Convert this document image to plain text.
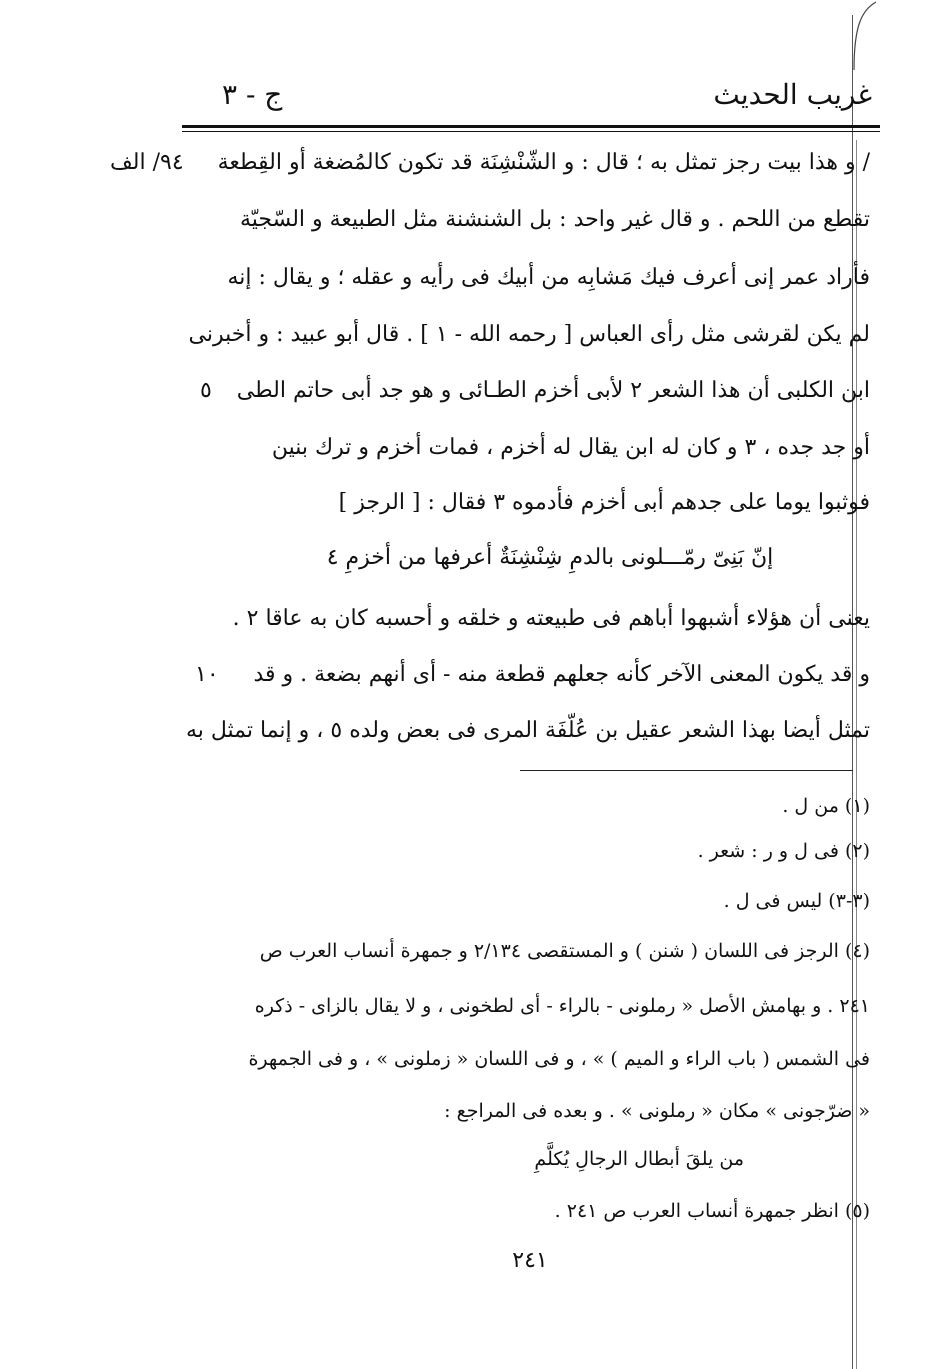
غريب الحديث
ج - ٣
٩٤/ الف / و هذا بيت رجز تمثل به ؛ قال : و الشّنْشِنَة قد تكون كالمُضغة أو القِطعة
تقطع من اللحم . و قال غير واحد : بل الشنشنة مثل الطبيعة و السّجيّة
فأراد عمر إنى أعرف فيك مَشابِه من أبيك فى رأيه و عقله ؛ و يقال : إنه
لم يكن لقرشى مثل رأى العباس [ رحمه الله - ١ ] . قال أبو عبيد : و أخبرنى
ابن الكلبى أن هذا الشعر ٢ لأبى أخزم الطـائى و هو جد أبى حاتم الطى
٥
أو جد جده ، ٣ و كان له ابن يقال له أخزم ، فمات أخزم و ترك بنين
فوثبوا يوما على جدهم أبى أخزم فأدموه ٣ فقال : [ الرجز ]
إنّ بَنِىّ رمّـــلونى بالدمِ شِنْشِنَةٌ أعرفها من أخزمِ ٤
يعنى أن هؤلاء أشبهوا أباهم فى طبيعته و خلقه و أحسبه كان به عاقا ٢ .
و قد يكون المعنى الآخر كأنه جعلهم قطعة منه - أى أنهم بضعة . و قد
١٠
تمثل أيضا بهذا الشعر عقيل بن عُلّفَة المرى فى بعض ولده ٥ ، و إنما تمثل به
(١) من ل .
(٢) فى ل و ر : شعر .
(٣-٣) ليس فى ل .
(٤) الرجز فى اللسان ( شنن ) و المستقصى ٢/١٣٤ و جمهرة أنساب العرب ص
٢٤١ . و بهامش الأصل « رملونى - بالراء - أى لطخونى ، و لا يقال بالزاى - ذكره
فى الشمس ( باب الراء و الميم ) » ، و فى اللسان « زملونى » ، و فى الجمهرة
« ضرّجونى » مكان « رملونى » . و بعده فى المراجع :
من يلقَ أبطال الرجالِ يُكلَّمِ
(٥) انظر جمهرة أنساب العرب ص ٢٤١ .
٢٤١
